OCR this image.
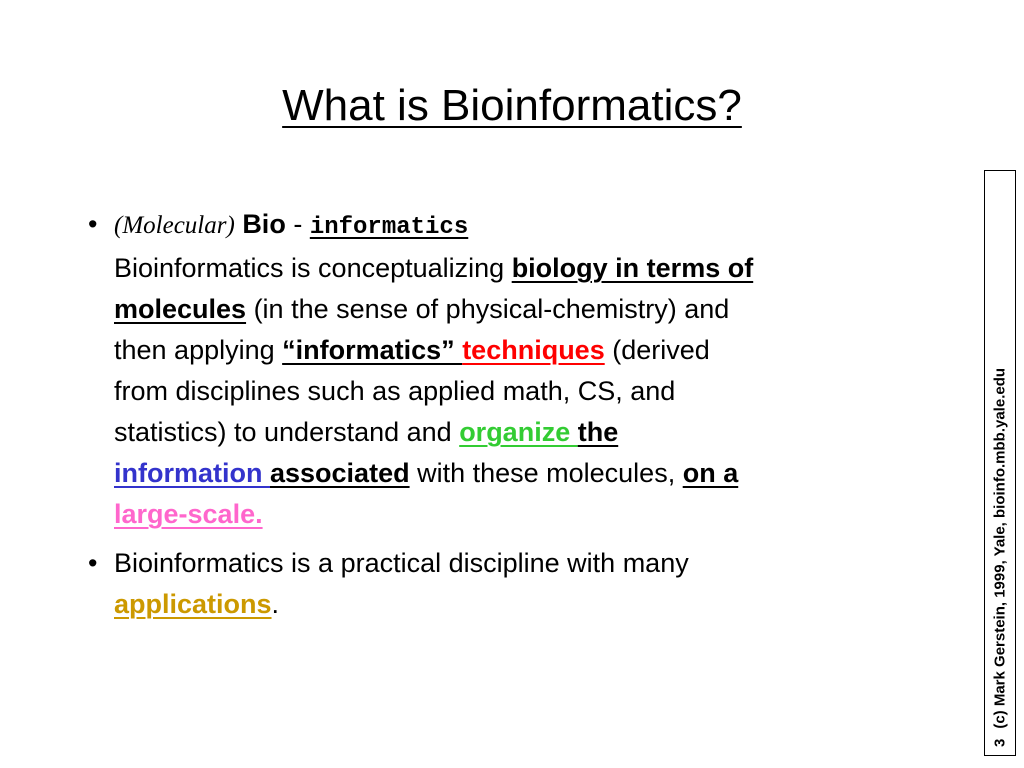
What is Bioinformatics?
• (Molecular) Bio - informatics
Bioinformatics is conceptualizing biology in terms of
molecules (in the sense of physical-chemistry) and
then applying “informatics” techniques (derived
from disciplines such as applied math, CS, and
statistics) to understand and organize the
information associated with these molecules, on a
large-scale.
• Bioinformatics is a practical discipline with many
applications.
3(c) Mark Gerstein, 1999, Yale, bioinfo.mbb.yale.edu
